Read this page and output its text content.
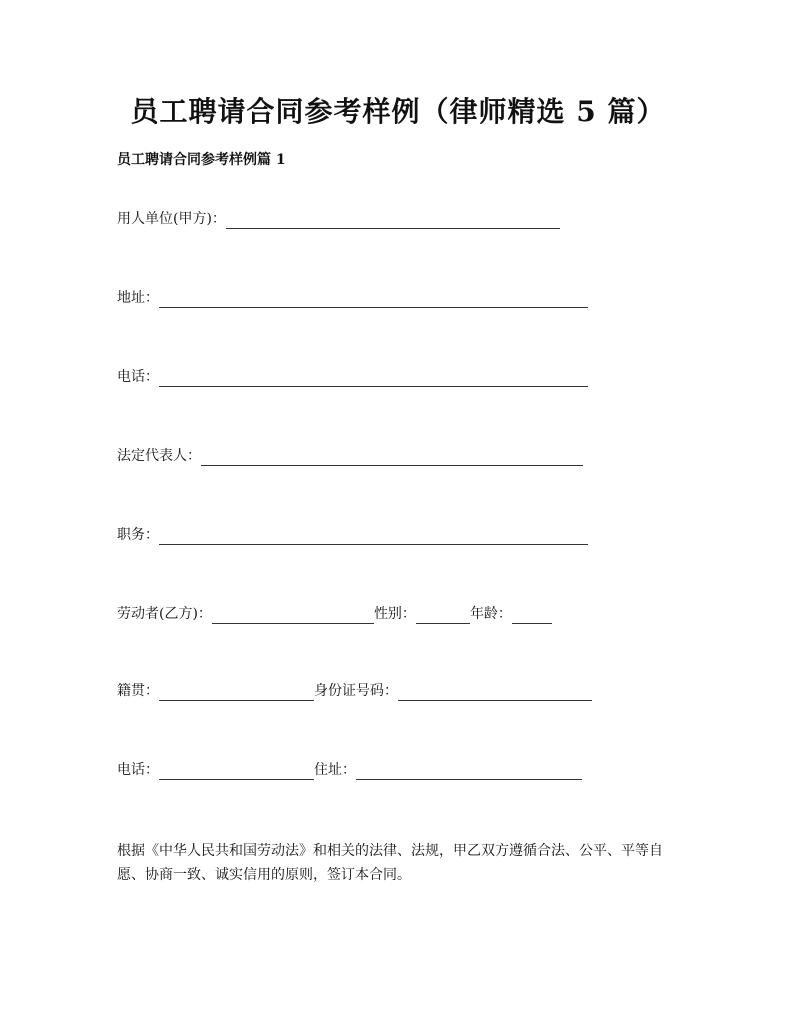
员工聘请合同参考样例（律师精选 5 篇）
员工聘请合同参考样例篇 1
用人单位(甲方)：
地址：
电话：
法定代表人：
职务：
劳动者(乙方)：	性别：	年龄：
籍贯：	身份证号码：
电话：	住址：
根据《中华人民共和国劳动法》和相关的法律、法规，甲乙双方遵循合法、公平、平等自愿、协商一致、诚实信用的原则，签订本合同。
